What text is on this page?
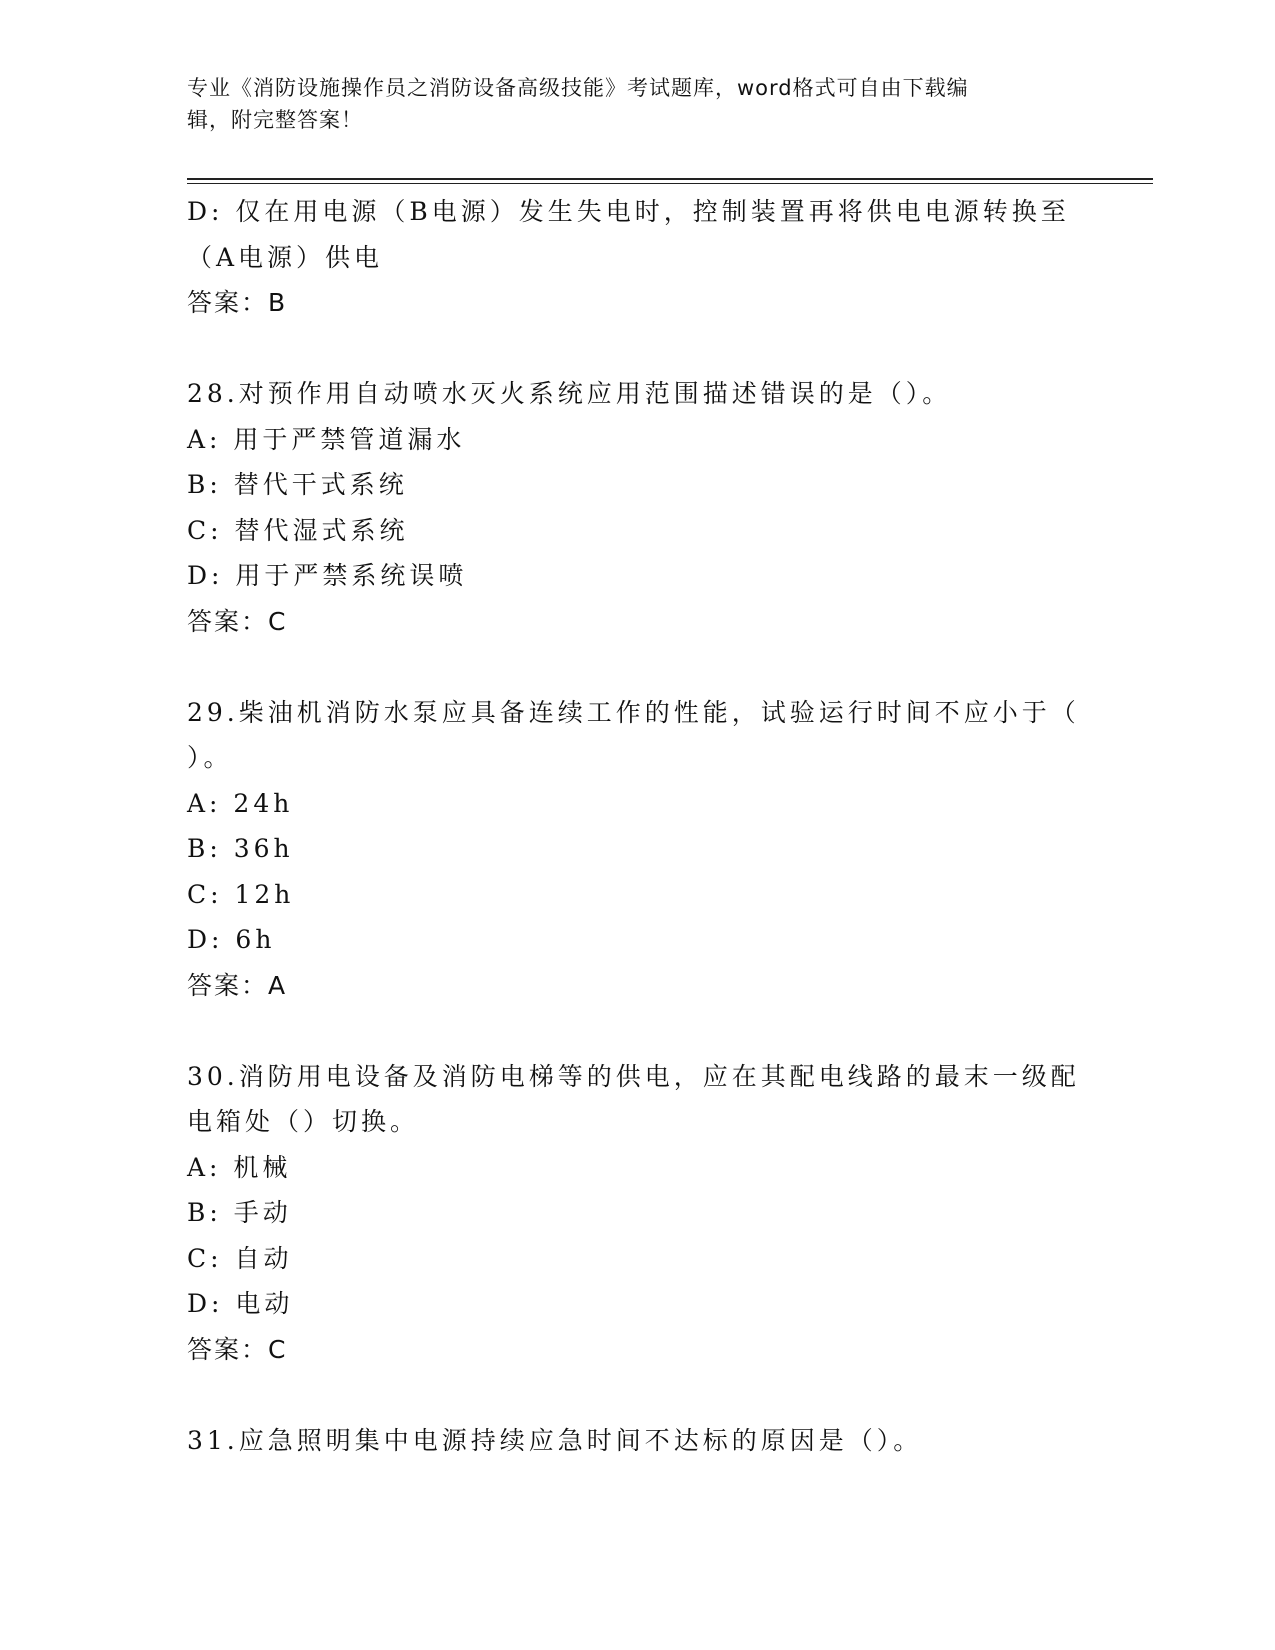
专业《消防设施操作员之消防设备高级技能》考试题库，word格式可自由下载编
辑，附完整答案！
D: 仅在用电源（B电源）发生失电时，控制装置再将供电电源转换至
（A电源）供电
答案：B
28.对预作用自动喷水灭火系统应用范围描述错误的是（）。
A: 用于严禁管道漏水
B: 替代干式系统
C: 替代湿式系统
D: 用于严禁系统误喷
答案：C
29.柴油机消防水泵应具备连续工作的性能，试验运行时间不应小于（
）。
A: 24h
B: 36h
C: 12h
D: 6h
答案：A
30.消防用电设备及消防电梯等的供电，应在其配电线路的最末一级配
电箱处（）切换。
A: 机械
B: 手动
C: 自动
D: 电动
答案：C
31.应急照明集中电源持续应急时间不达标的原因是（）。
